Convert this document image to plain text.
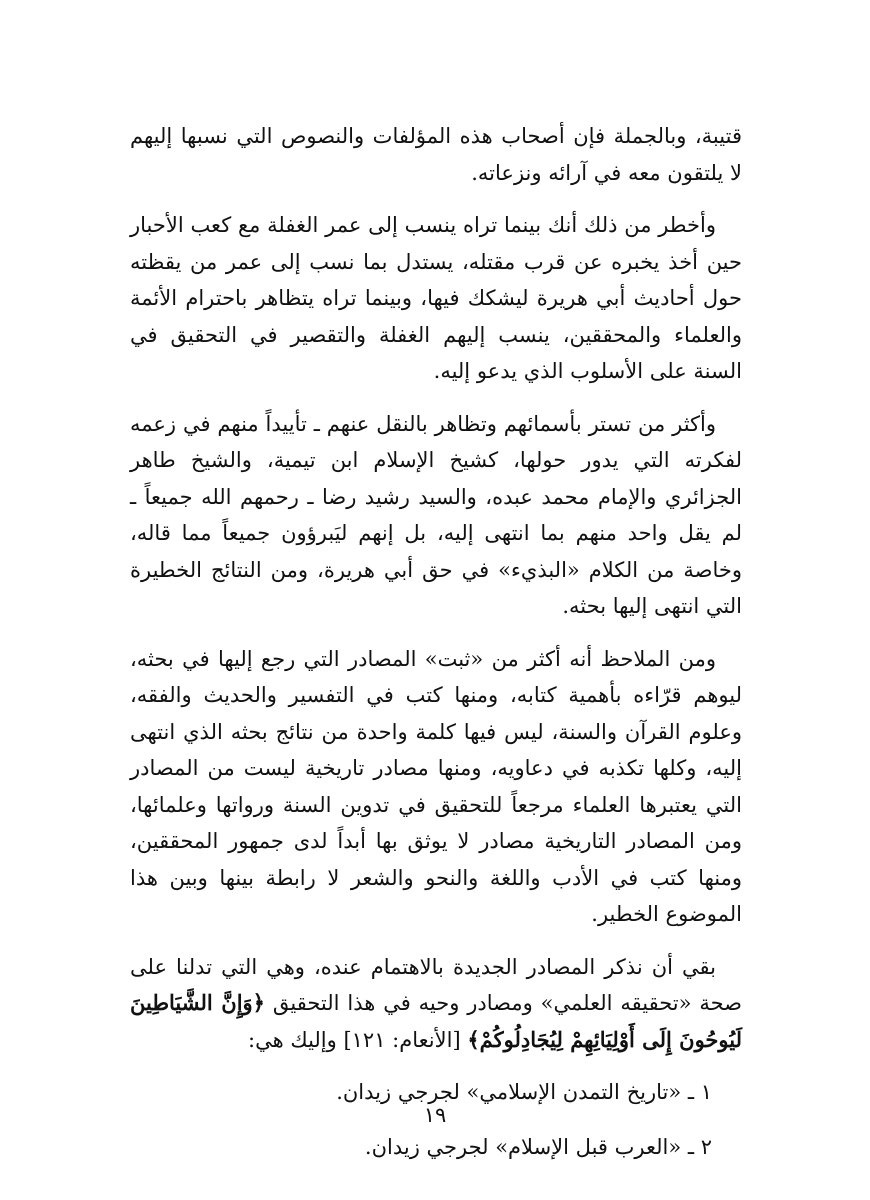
قتيبة، وبالجملة فإن أصحاب هذه المؤلفات والنصوص التي نسبها إليهم لا يلتقون معه في آرائه ونزعاته.

وأخطر من ذلك أنك بينما تراه ينسب إلى عمر الغفلة مع كعب الأحبار حين أخذ يخبره عن قرب مقتله، يستدل بما نسب إلى عمر من يقظته حول أحاديث أبي هريرة ليشكك فيها، وبينما تراه يتظاهر باحترام الأئمة والعلماء والمحققين، ينسب إليهم الغفلة والتقصير في التحقيق في السنة على الأسلوب الذي يدعو إليه.

وأكثر من تستر بأسمائهم وتظاهر بالنقل عنهم ـ تأييداً منهم في زعمه لفكرته التي يدور حولها، كشيخ الإسلام ابن تيمية، والشيخ طاهر الجزائري والإمام محمد عبده، والسيد رشيد رضا ـ رحمهم الله جميعاً ـ لم يقل واحد منهم بما انتهى إليه، بل إنهم ليَبرؤون جميعاً مما قاله، وخاصة من الكلام «البذيء» في حق أبي هريرة، ومن النتائج الخطيرة التي انتهى إليها بحثه.

ومن الملاحظ أنه أكثر من «ثبت» المصادر التي رجع إليها في بحثه، ليوهم قرّاءه بأهمية كتابه، ومنها كتب في التفسير والحديث والفقه، وعلوم القرآن والسنة، ليس فيها كلمة واحدة من نتائج بحثه الذي انتهى إليه، وكلها تكذبه في دعاويه، ومنها مصادر تاريخية ليست من المصادر التي يعتبرها العلماء مرجعاً للتحقيق في تدوين السنة ورواتها وعلمائها، ومن المصادر التاريخية مصادر لا يوثق بها أبداً لدى جمهور المحققين، ومنها كتب في الأدب واللغة والنحو والشعر لا رابطة بينها وبين هذا الموضوع الخطير.

بقي أن نذكر المصادر الجديدة بالاهتمام عنده، وهي التي تدلنا على صحة «تحقيقه العلمي» ومصادر وحيه في هذا التحقيق ﴿وَإِنَّ الشَّيَاطِينَ لَيُوحُونَ إِلَى أَوْلِيَائِهِمْ لِيُجَادِلُوكُمْ﴾ [الأنعام: ١٢١] وإليك هي:

١ ـ «تاريخ التمدن الإسلامي» لجرجي زيدان.
٢ ـ «العرب قبل الإسلام» لجرجي زيدان.
١٩
